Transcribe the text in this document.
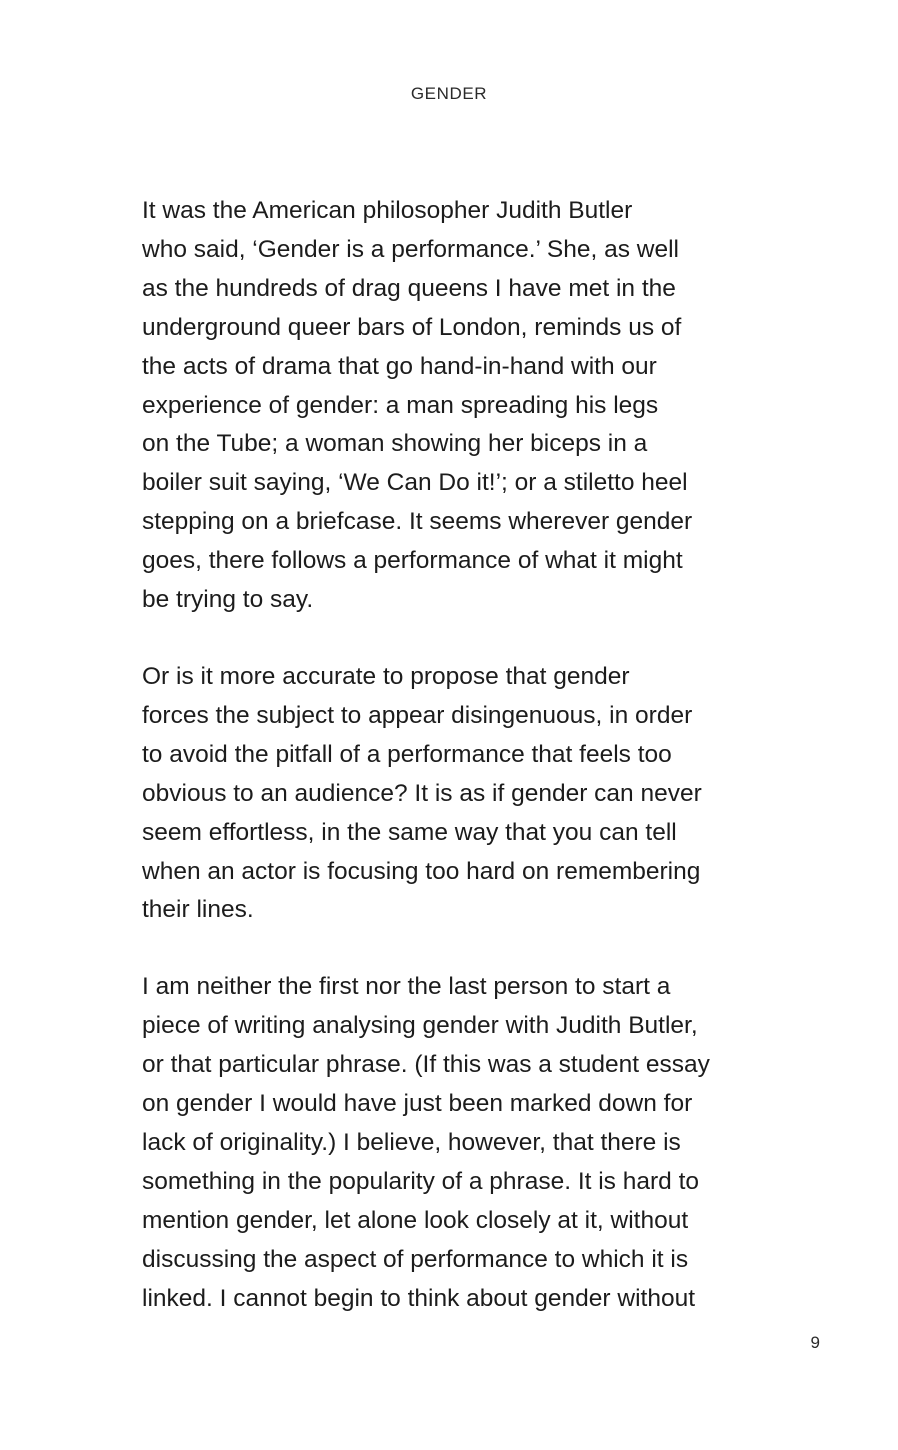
GENDER

It was the American philosopher Judith Butler
who said, ‘Gender is a performance.’ She, as well
as the hundreds of drag queens I have met in the
underground queer bars of London, reminds us of
the acts of drama that go hand-in-hand with our
experience of gender: a man spreading his legs
on the Tube; a woman showing her biceps in a
boiler suit saying, ‘We Can Do it!’; or a stiletto heel
stepping on a briefcase. It seems wherever gender
goes, there follows a performance of what it might
be trying to say.

Or is it more accurate to propose that gender
forces the subject to appear disingenuous, in order
to avoid the pitfall of a performance that feels too
obvious to an audience? It is as if gender can never
seem effortless, in the same way that you can tell
when an actor is focusing too hard on remembering
their lines.

I am neither the first nor the last person to start a
piece of writing analysing gender with Judith Butler,
or that particular phrase. (If this was a student essay
on gender I would have just been marked down for
lack of originality.) I believe, however, that there is
something in the popularity of a phrase. It is hard to
mention gender, let alone look closely at it, without
discussing the aspect of performance to which it is
linked. I cannot begin to think about gender without

9
